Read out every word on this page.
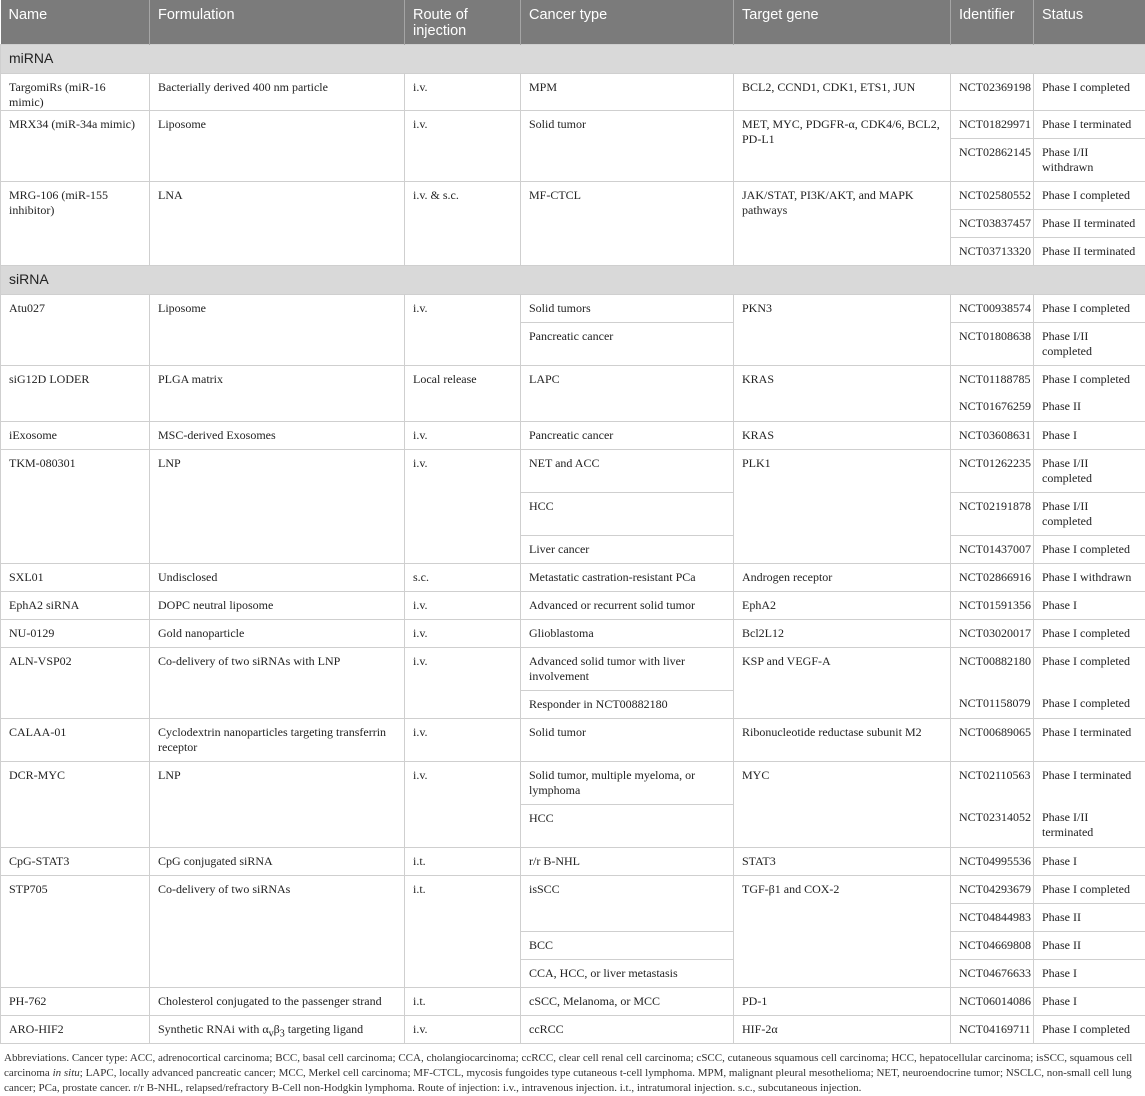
Name	Formulation	Route of injection	Cancer type	Target gene	Identifier	Status
miRNA						
TargomiRs (miR-16 mimic)	Bacterially derived 400 nm particle	i.v.	MPM	BCL2, CCND1, CDK1, ETS1, JUN	NCT02369198	Phase I completed
MRX34 (miR-34a mimic)	Liposome	i.v.	Solid tumor	MET, MYC, PDGFR-α, CDK4/6, BCL2, PD-L1	NCT01829971	Phase I terminated
					NCT02862145	Phase I/II withdrawn
MRG-106 (miR-155 inhibitor)	LNA	i.v. & s.c.	MF-CTCL	JAK/STAT, PI3K/AKT, and MAPK pathways	NCT02580552	Phase I completed
					NCT03837457	Phase II terminated
					NCT03713320	Phase II terminated
siRNA						
Atu027	Liposome	i.v.	Solid tumors	PKN3	NCT00938574	Phase I completed
			Pancreatic cancer		NCT01808638	Phase I/II completed
siG12D LODER	PLGA matrix	Local release	LAPC	KRAS	NCT01188785	Phase I completed
					NCT01676259	Phase II
iExosome	MSC-derived Exosomes	i.v.	Pancreatic cancer	KRAS	NCT03608631	Phase I
TKM-080301	LNP	i.v.	NET and ACC	PLK1	NCT01262235	Phase I/II completed
			HCC		NCT02191878	Phase I/II completed
			Liver cancer		NCT01437007	Phase I completed
SXL01	Undisclosed	s.c.	Metastatic castration-resistant PCa	Androgen receptor	NCT02866916	Phase I withdrawn
EphA2 siRNA	DOPC neutral liposome	i.v.	Advanced or recurrent solid tumor	EphA2	NCT01591356	Phase I
NU-0129	Gold nanoparticle	i.v.	Glioblastoma	Bcl2L12	NCT03020017	Phase I completed
ALN-VSP02	Co-delivery of two siRNAs with LNP	i.v.	Advanced solid tumor with liver involvement	KSP and VEGF-A	NCT00882180	Phase I completed
			Responder in NCT00882180		NCT01158079	Phase I completed
CALAA-01	Cyclodextrin nanoparticles targeting transferrin receptor	i.v.	Solid tumor	Ribonucleotide reductase subunit M2	NCT00689065	Phase I terminated
DCR-MYC	LNP	i.v.	Solid tumor, multiple myeloma, or lymphoma	MYC	NCT02110563	Phase I terminated
			HCC		NCT02314052	Phase I/II terminated
CpG-STAT3	CpG conjugated siRNA	i.t.	r/r B-NHL	STAT3	NCT04995536	Phase I
STP705	Co-delivery of two siRNAs	i.t.	isSCC	TGF-β1 and COX-2	NCT04293679	Phase I completed
					NCT04844983	Phase II
			BCC		NCT04669808	Phase II
			CCA, HCC, or liver metastasis		NCT04676633	Phase I
PH-762	Cholesterol conjugated to the passenger strand	i.t.	cSCC, Melanoma, or MCC	PD-1	NCT06014086	Phase I
ARO-HIF2	Synthetic RNAi with $\alpha_v\beta_3$ targeting ligand	i.v.	ccRCC	HIF-2α	NCT04169711	Phase I completed
Abbreviations. Cancer type: ACC, adrenocortical carcinoma; BCC, basal cell carcinoma; CCA, cholangiocarcinoma; ccRCC, clear cell renal cell carcinoma; cSCC, cutaneous squamous cell carcinoma; HCC, hepatocellular carcinoma; isSCC, squamous cell carcinoma in situ; LAPC, locally advanced pancreatic cancer; MCC, Merkel cell carcinoma; MF-CTCL, mycosis fungoides type cutaneous t-cell lymphoma. MPM, malignant pleural mesothelioma; NET, neuroendocrine tumor; NSCLC, non-small cell lung cancer; PCa, prostate cancer. r/r B-NHL, relapsed/refractory B-Cell non-Hodgkin lymphoma. Route of injection: i.v., intravenous injection. i.t., intratumoral injection. s.c., subcutaneous injection.
